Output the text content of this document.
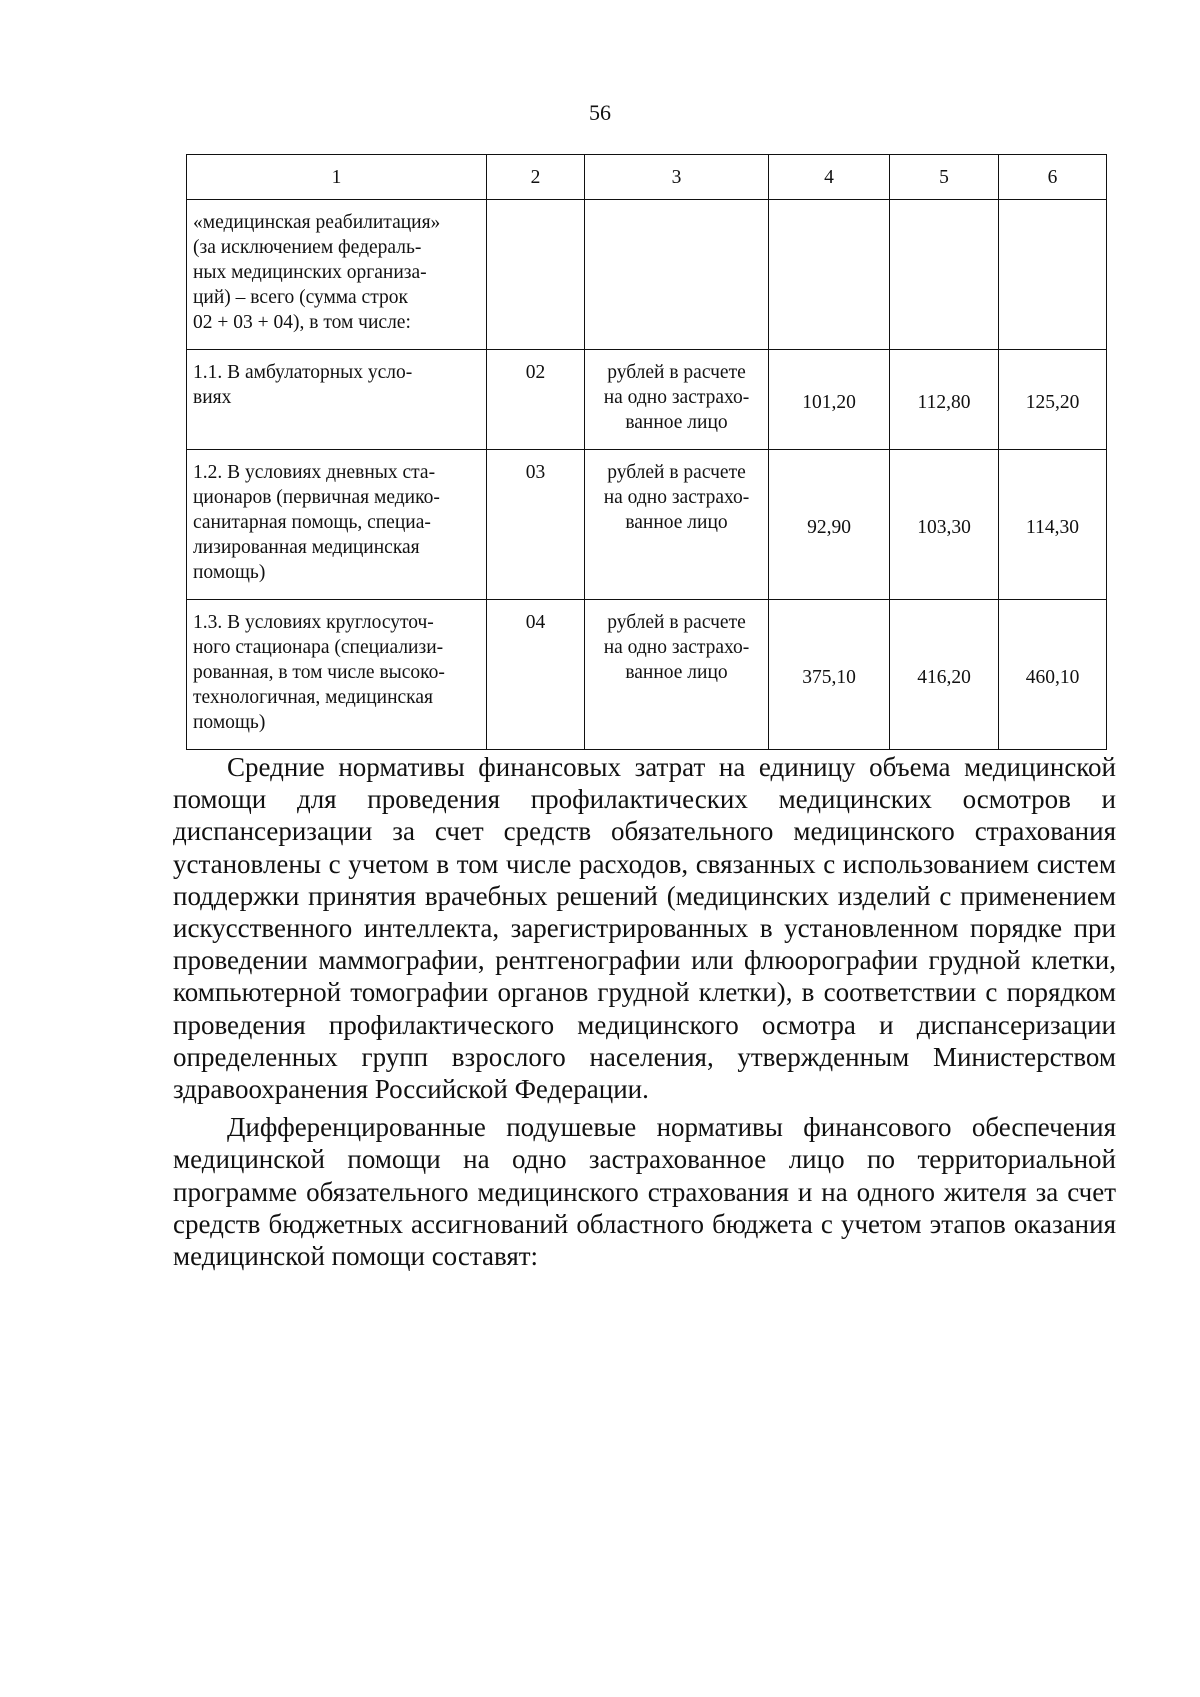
56
1	2	3	4	5	6

«медицинская реабилитация»
(за исключением федераль-
ных медицинских организа-
ций) – всего (сумма строк
02 + 03 + 04), в том числе:					

1.1. В амбулаторных усло-
виях	02	рублей в расчете
на одно застрахо-
ванное лицо	101,20	112,80	125,20

1.2. В условиях дневных ста-
ционаров (первичная медико-
санитарная помощь, специа-
лизированная медицинская
помощь)	03	рублей в расчете
на одно застрахо-
ванное лицо	92,90	103,30	114,30

1.3. В условиях круглосуточ-
ного стационара (специализи-
рованная, в том числе высоко-
технологичная, медицинская
помощь)	04	рублей в расчете
на одно застрахо-
ванное лицо	375,10	416,20	460,10

Средние нормативы финансовых затрат на единицу объема медицинской помощи для проведения профилактических медицинских осмотров и диспансеризации за счет средств обязательного медицинского страхования установлены с учетом в том числе расходов, связанных с использованием систем поддержки принятия врачебных решений (медицинских изделий с применением искусственного интеллекта, зарегистрированных в установленном порядке при проведении маммографии, рентгенографии или флюорографии грудной клетки, компьютерной томографии органов грудной клетки), в соответствии с порядком проведения профилактического медицинского осмотра и диспансеризации определенных групп взрослого населения, утвержденным Министерством здравоохранения Российской Федерации.

Дифференцированные подушевые нормативы финансового обеспечения медицинской помощи на одно застрахованное лицо по территориальной программе обязательного медицинского страхования и на одного жителя за счет средств бюджетных ассигнований областного бюджета с учетом этапов оказания медицинской помощи составят:
